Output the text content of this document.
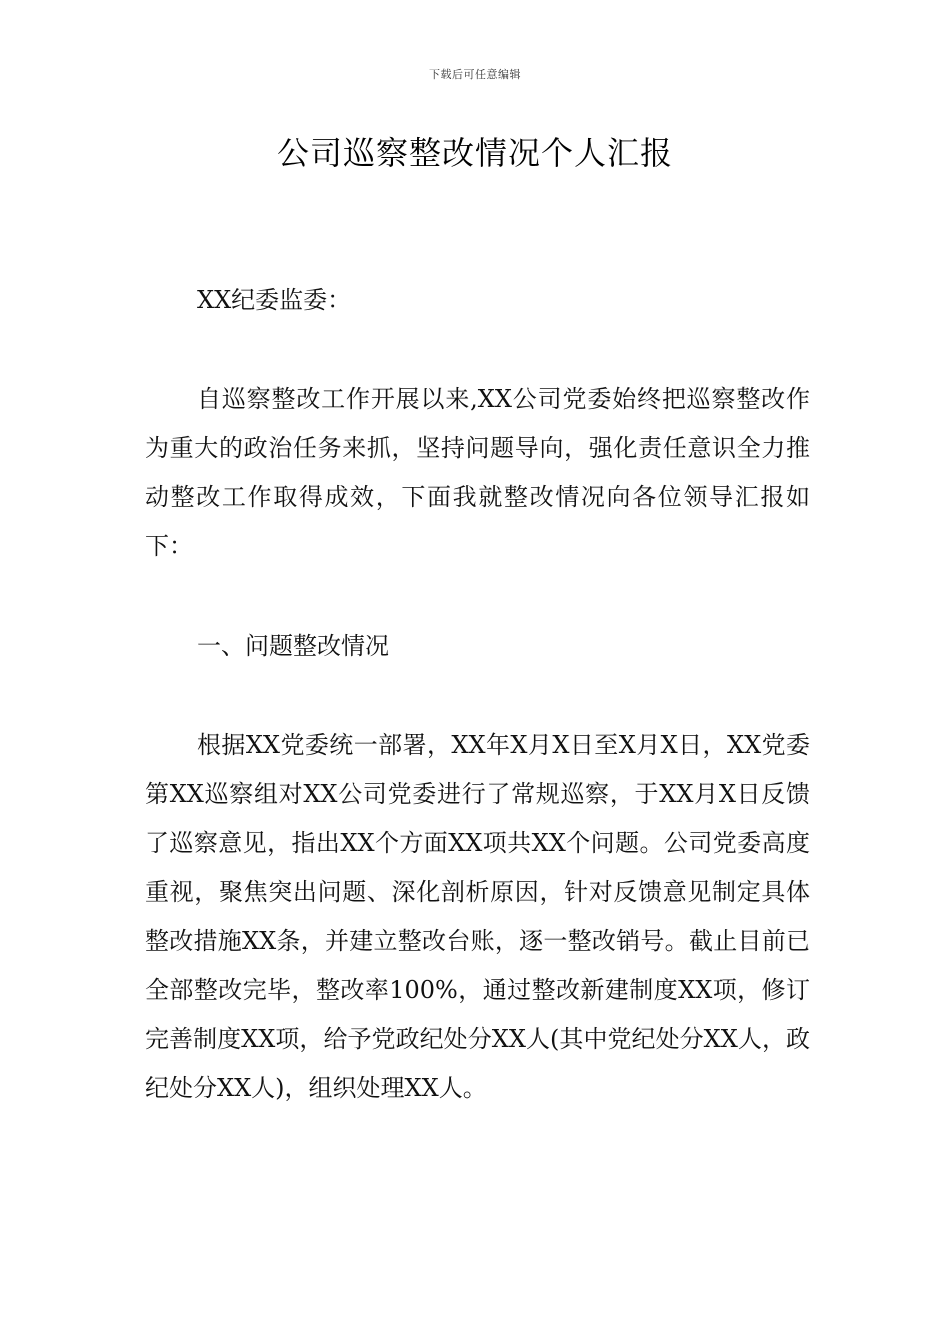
下载后可任意编辑
公司巡察整改情况个人汇报

XX纪委监委：

自巡察整改工作开展以来,XX公司党委始终把巡察整改作为重大的政治任务来抓，坚持问题导向，强化责任意识全力推动整改工作取得成效，下面我就整改情况向各位领导汇报如下：

一、问题整改情况

根据XX党委统一部署，XX年X月X日至X月X日，XX党委第XX巡察组对XX公司党委进行了常规巡察，于XX月X日反馈了巡察意见，指出XX个方面XX项共XX个问题。公司党委高度重视，聚焦突出问题、深化剖析原因，针对反馈意见制定具体整改措施XX条，并建立整改台账，逐一整改销号。截止目前已全部整改完毕，整改率100%，通过整改新建制度XX项，修订完善制度XX项，给予党政纪处分XX人(其中党纪处分XX人，政纪处分XX人)，组织处理XX人。
